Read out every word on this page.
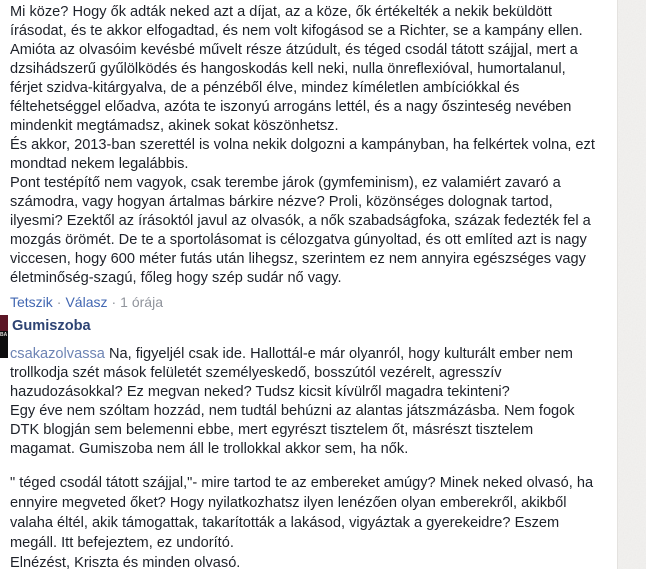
Mi köze? Hogy ők adták neked azt a díjat, az a köze, ők értékelték a nekik beküldött
írásodat, és te akkor elfogadtad, és nem volt kifogásod se a Richter, se a kampány ellen.
Amióta az olvasóim kevésbé művelt része átzúdult, és téged csodál tátott szájjal, mert a
dzsihádszerű gyűlölködés és hangoskodás kell neki, nulla önreflexióval, humortalanul,
férjet szidva-kitárgyalva, de a pénzéből élve, mindez kíméletlen ambíciókkal és
féltehetséggel előadva, azóta te iszonyú arrogáns lettél, és a nagy őszinteség nevében
mindenkit megtámadsz, akinek sokat köszönhetsz.
És akkor, 2013-ban szerettél is volna nekik dolgozni a kampányban, ha felkértek volna, ezt
mondtad nekem legalábbis.
Pont testépítő nem vagyok, csak terembe járok (gymfeminism), ez valamiért zavaró a
számodra, vagy hogyan ártalmas bárkire nézve? Proli, közönséges dolognak tartod,
ilyesmi? Ezektől az írásoktól javul az olvasók, a nők szabadságfoka, százak fedezték fel a
mozgás örömét. De te a sportolásomat is célozgatva gúnyoltad, és ott említed azt is nagy
viccesen, hogy 600 méter futás után lihegsz, szerintem ez nem annyira egészséges vagy
életminőség-szagú, főleg hogy szép sudár nő vagy.
Tetszik · Válasz · 1 órája
BA
Gumiszoba
csakazolvassa Na, figyeljél csak ide. Hallottál-e már olyanról, hogy kulturált ember nem
trollkodja szét mások felületét személyeskedő, bosszútól vezérelt, agresszív
hazudozásokkal? Ez megvan neked? Tudsz kicsit kívülről magadra tekinteni?
Egy éve nem szóltam hozzád, nem tudtál behúzni az alantas játszmázásba. Nem fogok
DTK blogján sem belemenni ebbe, mert egyrészt tisztelem őt, másrészt tisztelem
magamat. Gumiszoba nem áll le trollokkal akkor sem, ha nők.
" téged csodál tátott szájjal,"- mire tartod te az embereket amúgy? Minek neked olvasó, ha
ennyire megveted őket? Hogy nyilatkozhatsz ilyen lenézően olyan emberekről, akikből
valaha éltél, akik támogattak, takarították a lakásod, vigyáztak a gyerekeidre? Eszem
megáll. Itt befejeztem, ez undorító.
Elnézést, Kriszta és minden olvasó.
